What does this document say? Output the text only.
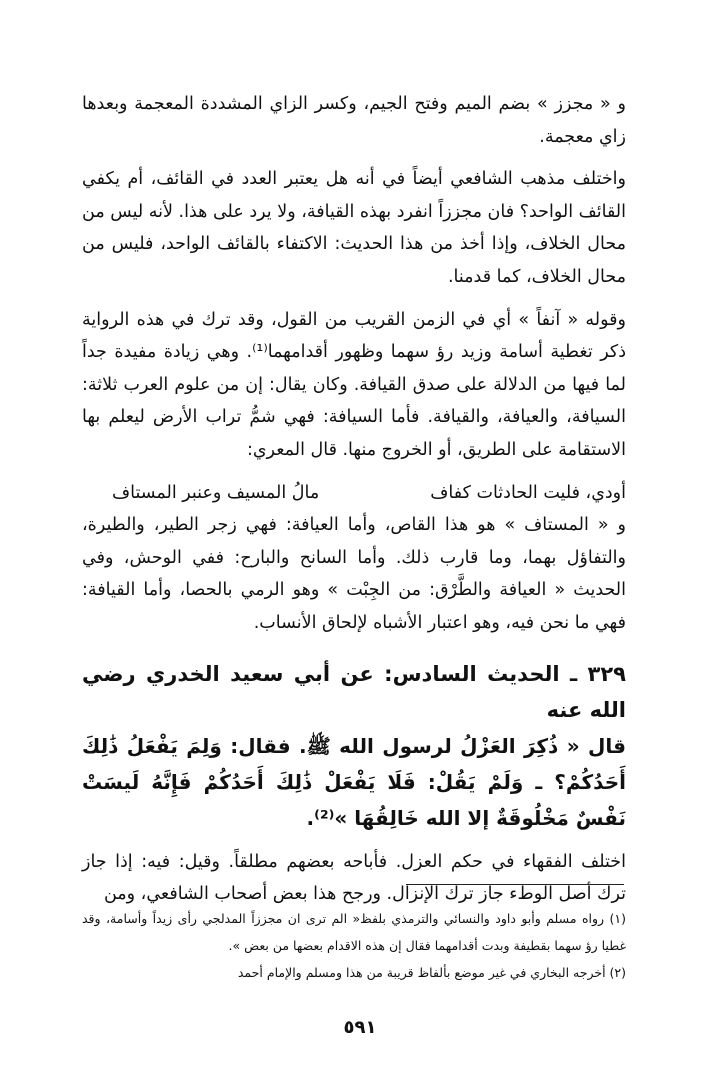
و « مجزز » بضم الميم وفتح الجيم، وكسر الزاي المشددة المعجمة وبعدها زاي معجمة.

واختلف مذهب الشافعي أيضاً في أنه هل يعتبر العدد في القائف، أم يكفي القائف الواحد؟ فان مجززاً انفرد بهذه القيافة، ولا يرد على هذا. لأنه ليس من محال الخلاف، وإذا أخذ من هذا الحديث: الاكتفاء بالقائف الواحد، فليس من محال الخلاف، كما قدمنا.

وقوله « آنفاً » أي في الزمن القريب من القول، وقد ترك في هذه الرواية ذكر تغطية أسامة وزيد رؤ سهما وظهور أقدامهما⁽¹⁾. وهي زيادة مفيدة جداً لما فيها من الدلالة على صدق القيافة. وكان يقال: إن من علوم العرب ثلاثة: السيافة، والعيافة، والقيافة. فأما السيافة: فهي شمُّ تراب الأرض ليعلم بها الاستقامة على الطريق، أو الخروج منها. قال المعري:

أودي، فليت الحادثات كفاف
مالُ المسيف وعنبر المستاف

و « المستاف » هو هذا القاص، وأما العيافة: فهي زجر الطير، والطيرة، والتفاؤل بهما، وما قارب ذلك. وأما السانح والبارح: ففي الوحش، وفي الحديث « العيافة والطَّرْق: من الجِبْت » وهو الرمي بالحصا، وأما القيافة: فهي ما نحن فيه، وهو اعتبار الأشباه لإلحاق الأنساب.

٣٢٩ ـ الحديث السادس: عن أبي سعيد الخدري رضي الله عنه

قال « ذُكِرَ العَزْلُ لرسول الله ﷺ. فقال: وَلِمَ يَفْعَلُ ذَٰلِكَ أَحَدُكُمْ؟ ـ وَلَمْ يَقُلْ: فَلَا يَفْعَلْ ذَٰلِكَ أَحَدُكُمْ فَإِنَّهُ لَيسَتْ نَفْسٌ مَخْلُوقَةٌ إلا الله خَالِقُهَا »⁽²⁾.

اختلف الفقهاء في حكم العزل. فأباحه بعضهم مطلقاً. وقيل: فيه: إذا جاز ترك أصل الوطء جاز ترك الإنزال. ورجح هذا بعض أصحاب الشافعي، ومن

(١) رواه مسلم وأبو داود والنسائي والترمذي بلفظ« الم ترى ان مجززاً المدلجي رأى زيداً وأسامة، وقد غطيا رؤ سهما بقطيفة وبدت أقدامهما فقال إن هذه الاقدام بعضها من بعض ».

(٢) أخرجه البخاري في غير موضع بألفاظ قريبة من هذا ومسلم والإمام أحمد

٥٩١
